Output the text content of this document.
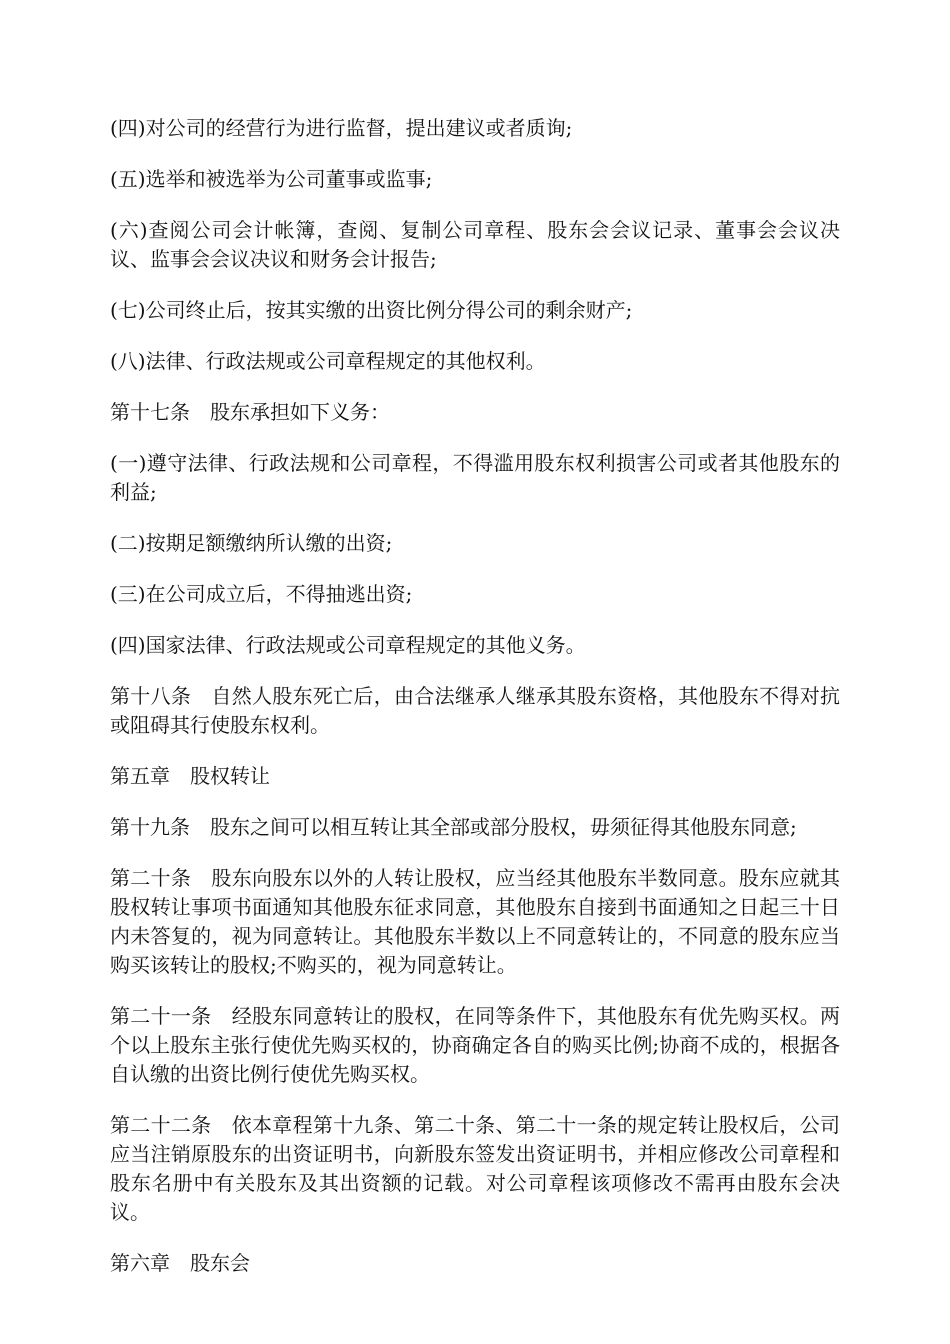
(四)对公司的经营行为进行监督，提出建议或者质询;

(五)选举和被选举为公司董事或监事;

(六)查阅公司会计帐簿，查阅、复制公司章程、股东会会议记录、董事会会议决议、监事会会议决议和财务会计报告;

(七)公司终止后，按其实缴的出资比例分得公司的剩余财产;

(八)法律、行政法规或公司章程规定的其他权利。

第十七条　股东承担如下义务：

(一)遵守法律、行政法规和公司章程，不得滥用股东权利损害公司或者其他股东的利益;

(二)按期足额缴纳所认缴的出资;

(三)在公司成立后，不得抽逃出资;

(四)国家法律、行政法规或公司章程规定的其他义务。

第十八条　自然人股东死亡后，由合法继承人继承其股东资格，其他股东不得对抗或阻碍其行使股东权利。

第五章　股权转让

第十九条　股东之间可以相互转让其全部或部分股权，毋须征得其他股东同意;

第二十条　股东向股东以外的人转让股权，应当经其他股东半数同意。股东应就其股权转让事项书面通知其他股东征求同意，其他股东自接到书面通知之日起三十日内未答复的，视为同意转让。其他股东半数以上不同意转让的，不同意的股东应当购买该转让的股权;不购买的，视为同意转让。

第二十一条　经股东同意转让的股权，在同等条件下，其他股东有优先购买权。两个以上股东主张行使优先购买权的，协商确定各自的购买比例;协商不成的，根据各自认缴的出资比例行使优先购买权。

第二十二条　依本章程第十九条、第二十条、第二十一条的规定转让股权后，公司应当注销原股东的出资证明书，向新股东签发出资证明书，并相应修改公司章程和股东名册中有关股东及其出资额的记载。对公司章程该项修改不需再由股东会决议。

第六章　股东会
